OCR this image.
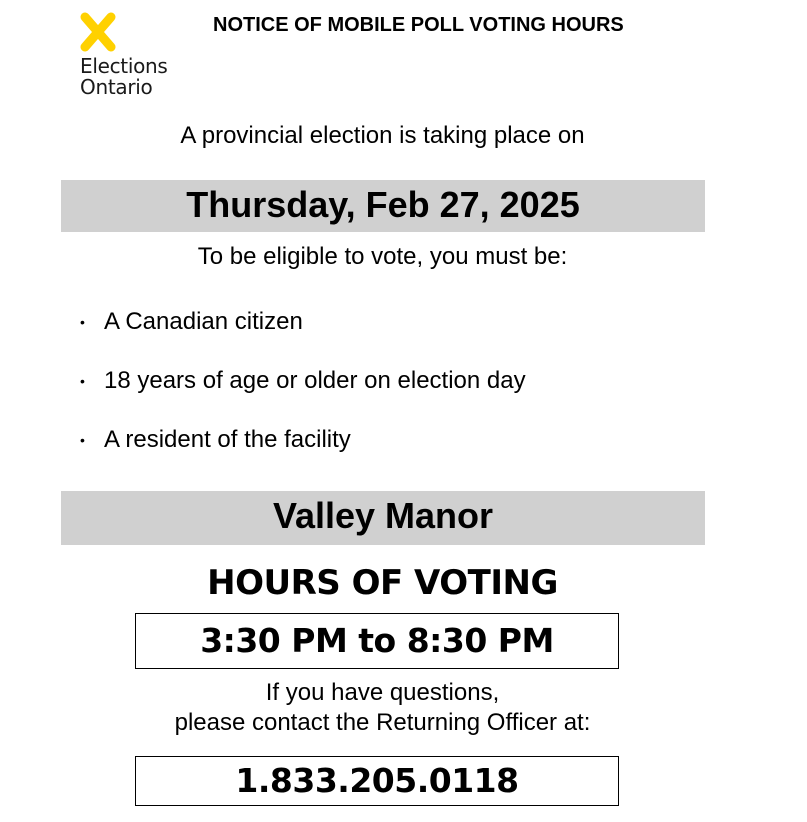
Elections
Ontario
NOTICE OF MOBILE POLL VOTING HOURS
A provincial election is taking place on
Thursday, Feb 27, 2025
To be eligible to vote, you must be:
• A Canadian citizen
• 18 years of age or older on election day
• A resident of the facility
Valley Manor
HOURS OF VOTING
3:30 PM to 8:30 PM
If you have questions,
please contact the Returning Officer at:
1.833.205.0118
